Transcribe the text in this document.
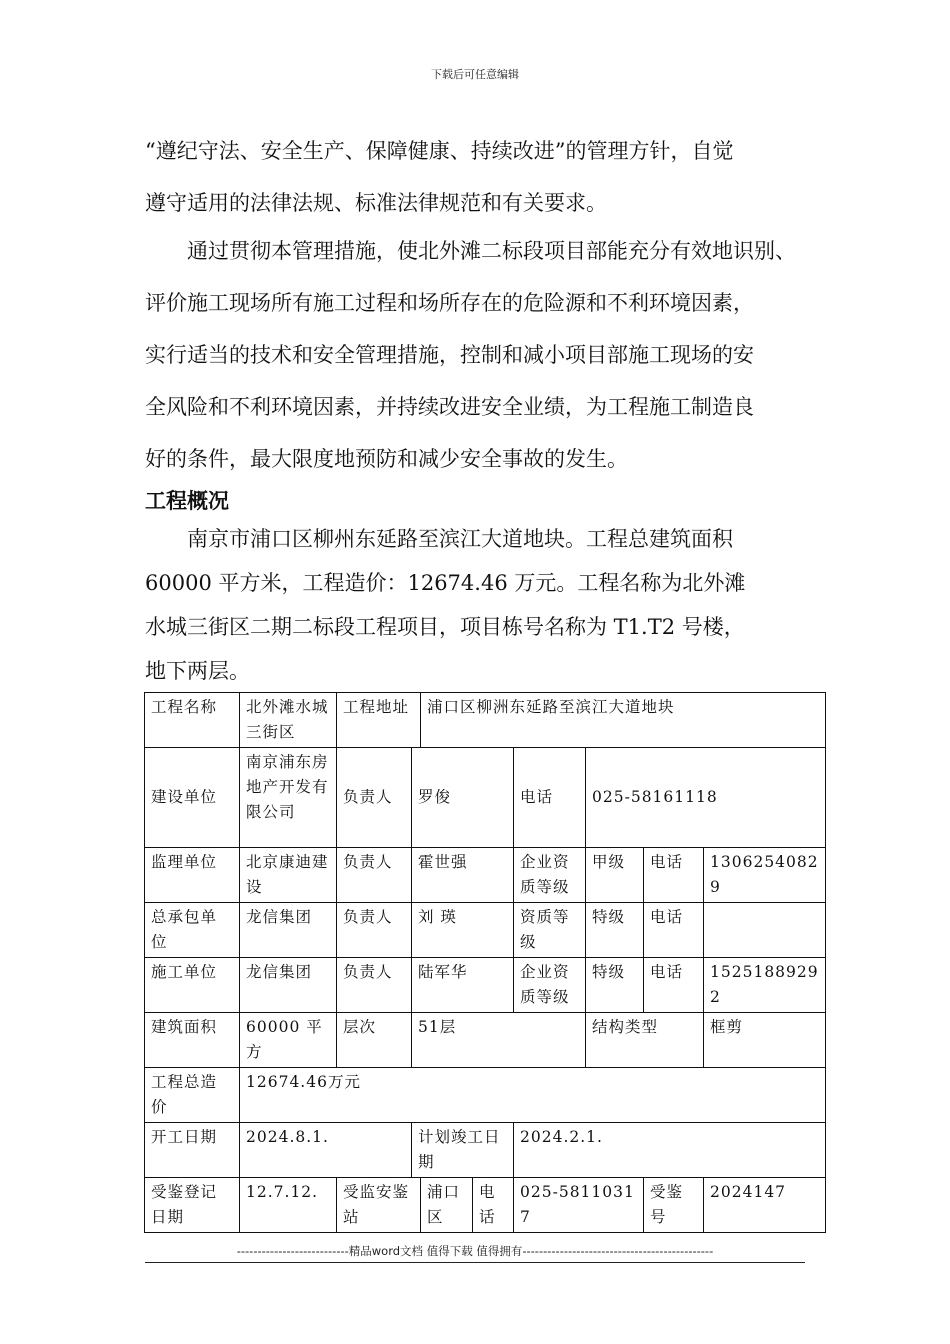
下载后可任意编辑

“遵纪守法、安全生产、保障健康、持续改进”的管理方针，自觉
遵守适用的法律法规、标准法律规范和有关要求。

　　通过贯彻本管理措施，使北外滩二标段项目部能充分有效地识别、
评价施工现场所有施工过程和场所存在的危险源和不利环境因素，
实行适当的技术和安全管理措施，控制和减小项目部施工现场的安
全风险和不利环境因素，并持续改进安全业绩，为工程施工制造良
好的条件，最大限度地预防和减少安全事故的发生。

工程概况

　　南京市浦口区柳州东延路至滨江大道地块。工程总建筑面积
60000 平方米，工程造价：12674.46 万元。工程名称为北外滩
水城三街区二期二标段工程项目，项目栋号名称为 T1.T2 号楼，
地下两层。

工程名称	北外滩水城三街区	工程地址		浦口区柳洲东延路至滨江大道地块					
建设单位	南京浦东房地产开发有限公司	负责人	罗俊			电话	025-58161118		
监理单位	北京康迪建设	负责人	霍世强			企业资质等级	甲级	电话	13062540829
总承包单位	龙信集团	负责人	刘 瑛			资质等级	特级	电话	
施工单位	龙信集团	负责人	陆军华			企业资质等级	特级	电话	15251889292
建筑面积	60000 平方	层次	51层				结构类型		框剪
工程总造价	12674.46万元								
开工日期	2024.8.1.		计划竣工日期			2024.2.1.			
受鉴登记日期	12.7.12.	受监安鉴站		浦口区	电话	025-58110317		受鉴号	2024147
---------------------------精品word文档 值得下载 值得拥有----------------------------------------------
